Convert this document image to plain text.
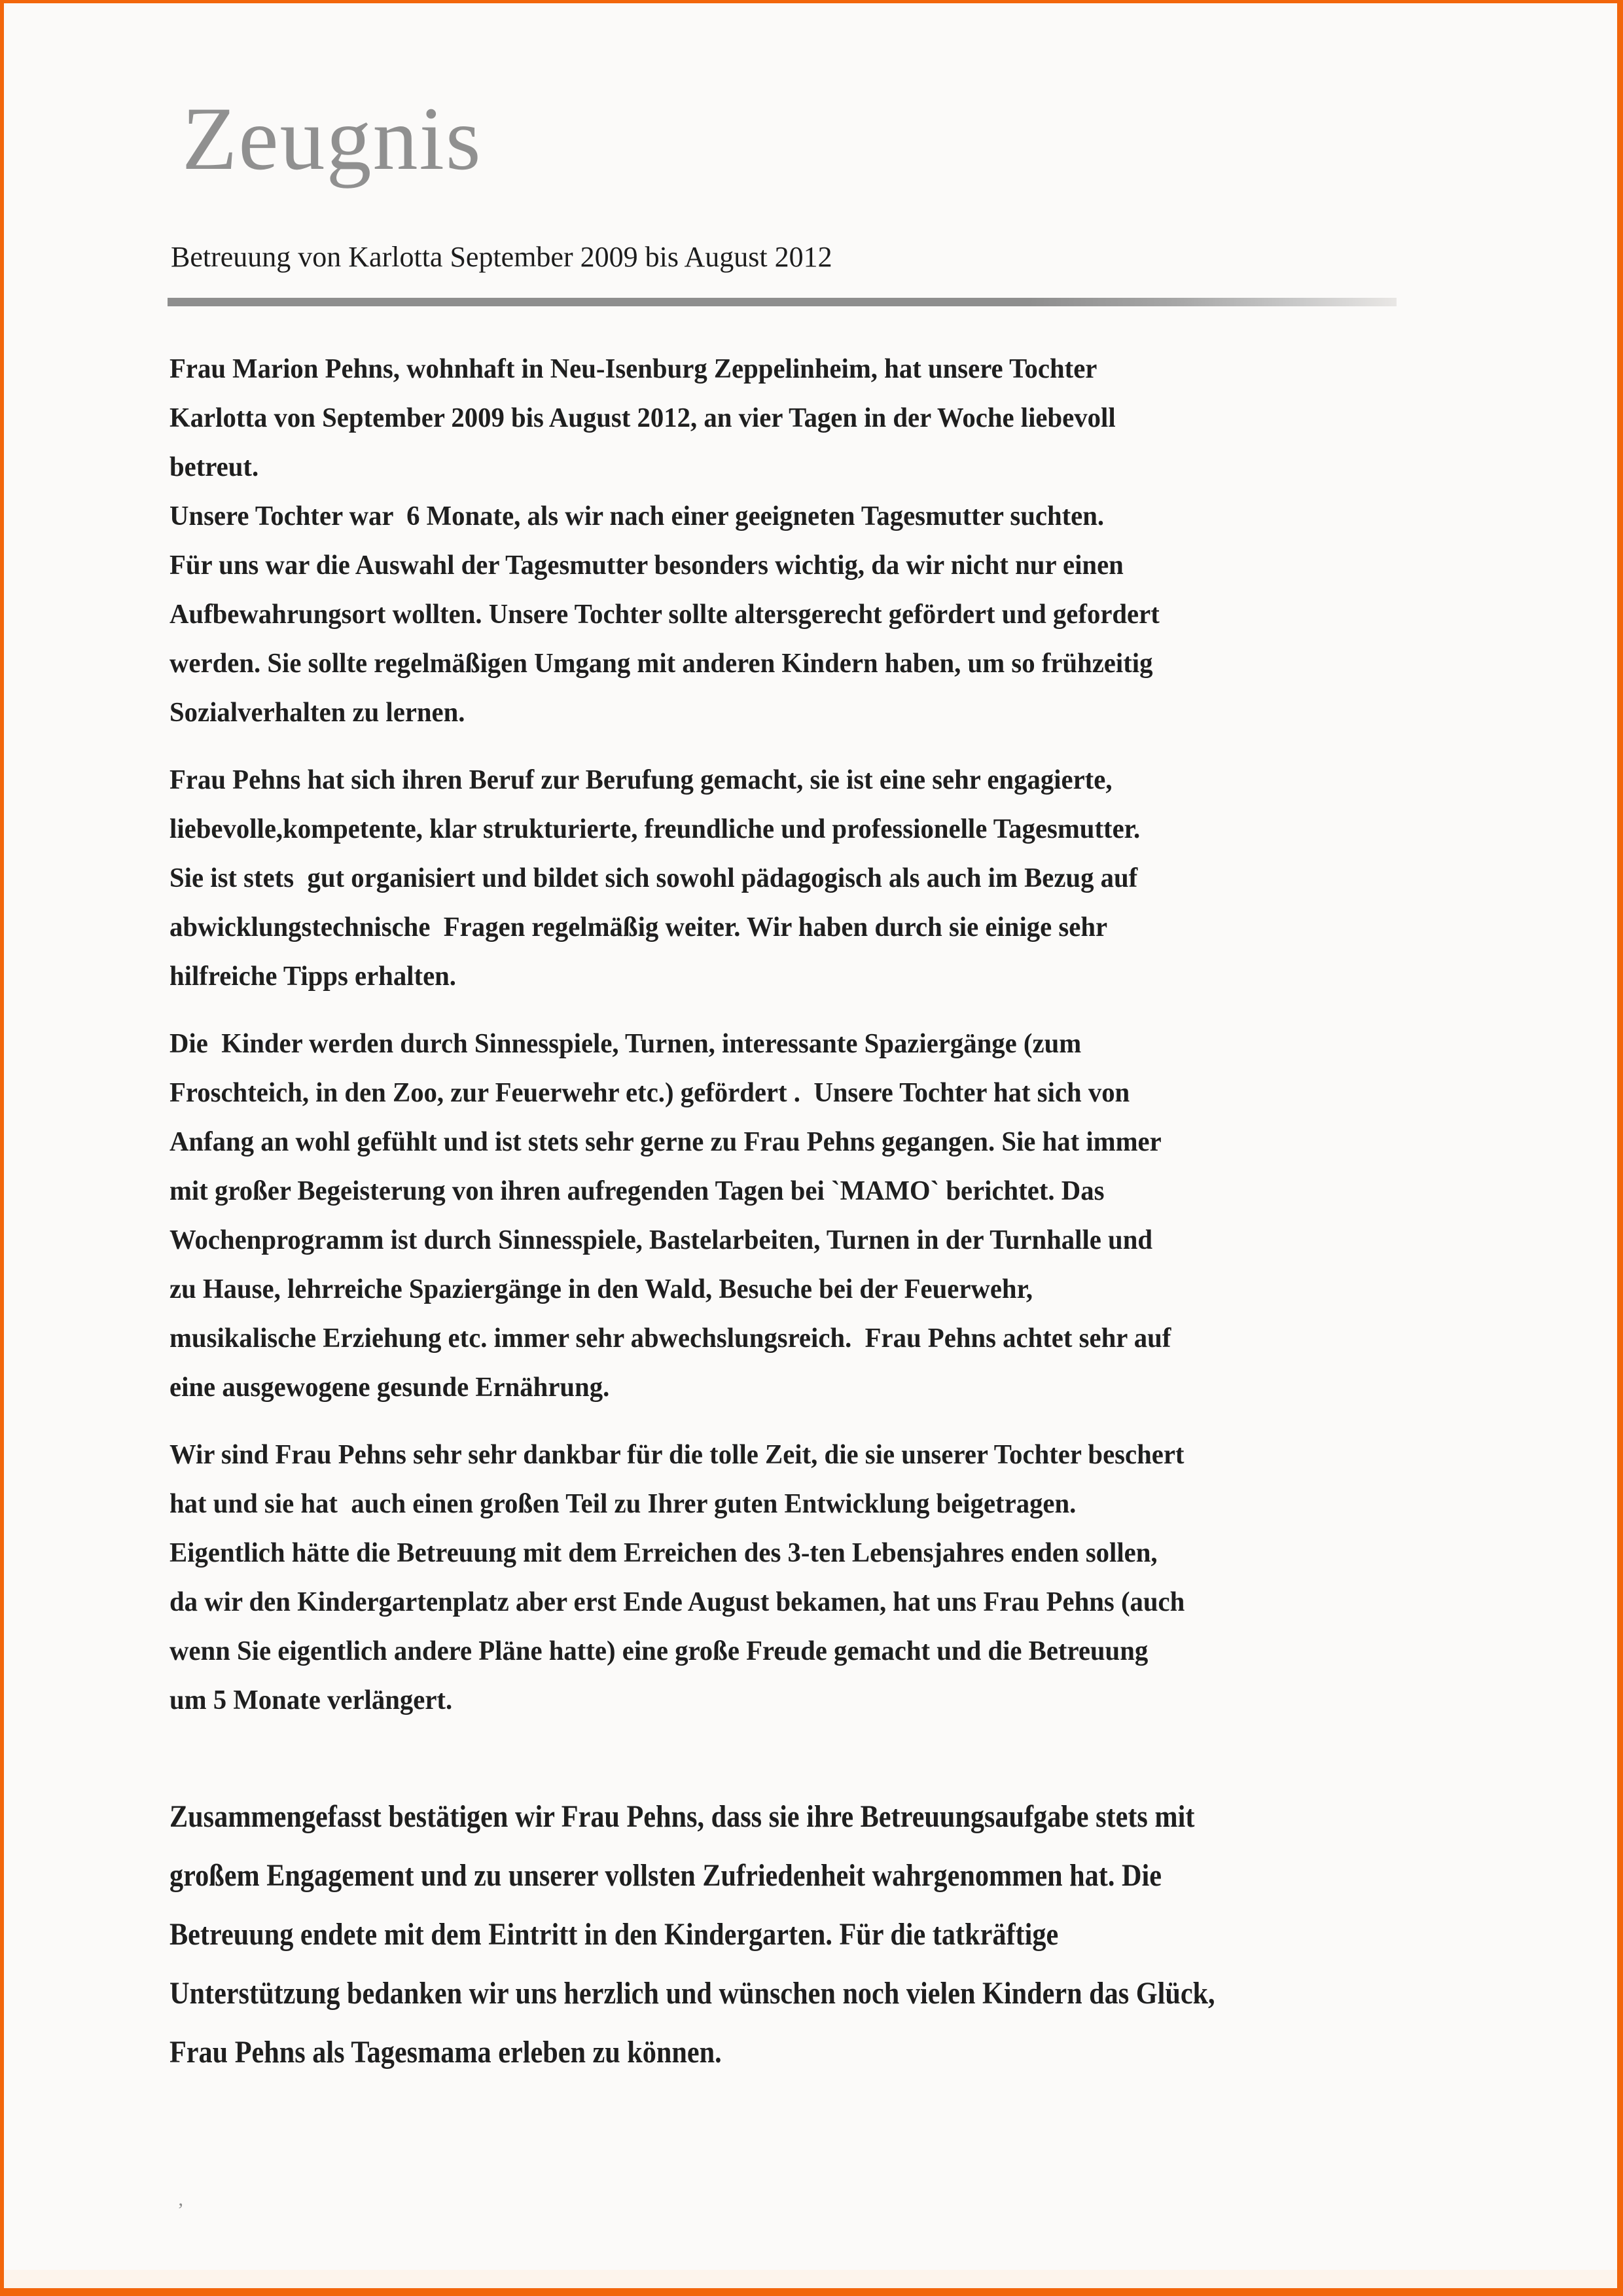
Zeugnis
Betreuung von Karlotta September 2009 bis August 2012
Frau Marion Pehns, wohnhaft in Neu-Isenburg Zeppelinheim, hat unsere Tochter
Karlotta von September 2009 bis August 2012, an vier Tagen in der Woche liebevoll
betreut.
Unsere Tochter war  6 Monate, als wir nach einer geeigneten Tagesmutter suchten.
Für uns war die Auswahl der Tagesmutter besonders wichtig, da wir nicht nur einen
Aufbewahrungsort wollten. Unsere Tochter sollte altersgerecht gefördert und gefordert
werden. Sie sollte regelmäßigen Umgang mit anderen Kindern haben, um so frühzeitig
Sozialverhalten zu lernen.
Frau Pehns hat sich ihren Beruf zur Berufung gemacht, sie ist eine sehr engagierte,
liebevolle,kompetente, klar strukturierte, freundliche und professionelle Tagesmutter.
Sie ist stets  gut organisiert und bildet sich sowohl pädagogisch als auch im Bezug auf
abwicklungstechnische  Fragen regelmäßig weiter. Wir haben durch sie einige sehr
hilfreiche Tipps erhalten.
Die  Kinder werden durch Sinnesspiele, Turnen, interessante Spaziergänge (zum
Froschteich, in den Zoo, zur Feuerwehr etc.) gefördert .  Unsere Tochter hat sich von
Anfang an wohl gefühlt und ist stets sehr gerne zu Frau Pehns gegangen. Sie hat immer
mit großer Begeisterung von ihren aufregenden Tagen bei `MAMO` berichtet. Das
Wochenprogramm ist durch Sinnesspiele, Bastelarbeiten, Turnen in der Turnhalle und
zu Hause, lehrreiche Spaziergänge in den Wald, Besuche bei der Feuerwehr,
musikalische Erziehung etc. immer sehr abwechslungsreich.  Frau Pehns achtet sehr auf
eine ausgewogene gesunde Ernährung.
Wir sind Frau Pehns sehr sehr dankbar für die tolle Zeit, die sie unserer Tochter beschert
hat und sie hat  auch einen großen Teil zu Ihrer guten Entwicklung beigetragen.
Eigentlich hätte die Betreuung mit dem Erreichen des 3-ten Lebensjahres enden sollen,
da wir den Kindergartenplatz aber erst Ende August bekamen, hat uns Frau Pehns (auch
wenn Sie eigentlich andere Pläne hatte) eine große Freude gemacht und die Betreuung
um 5 Monate verlängert.
Zusammengefasst bestätigen wir Frau Pehns, dass sie ihre Betreuungsaufgabe stets mit
großem Engagement und zu unserer vollsten Zufriedenheit wahrgenommen hat. Die
Betreuung endete mit dem Eintritt in den Kindergarten. Für die tatkräftige
Unterstützung bedanken wir uns herzlich und wünschen noch vielen Kindern das Glück,
Frau Pehns als Tagesmama erleben zu können.
’
